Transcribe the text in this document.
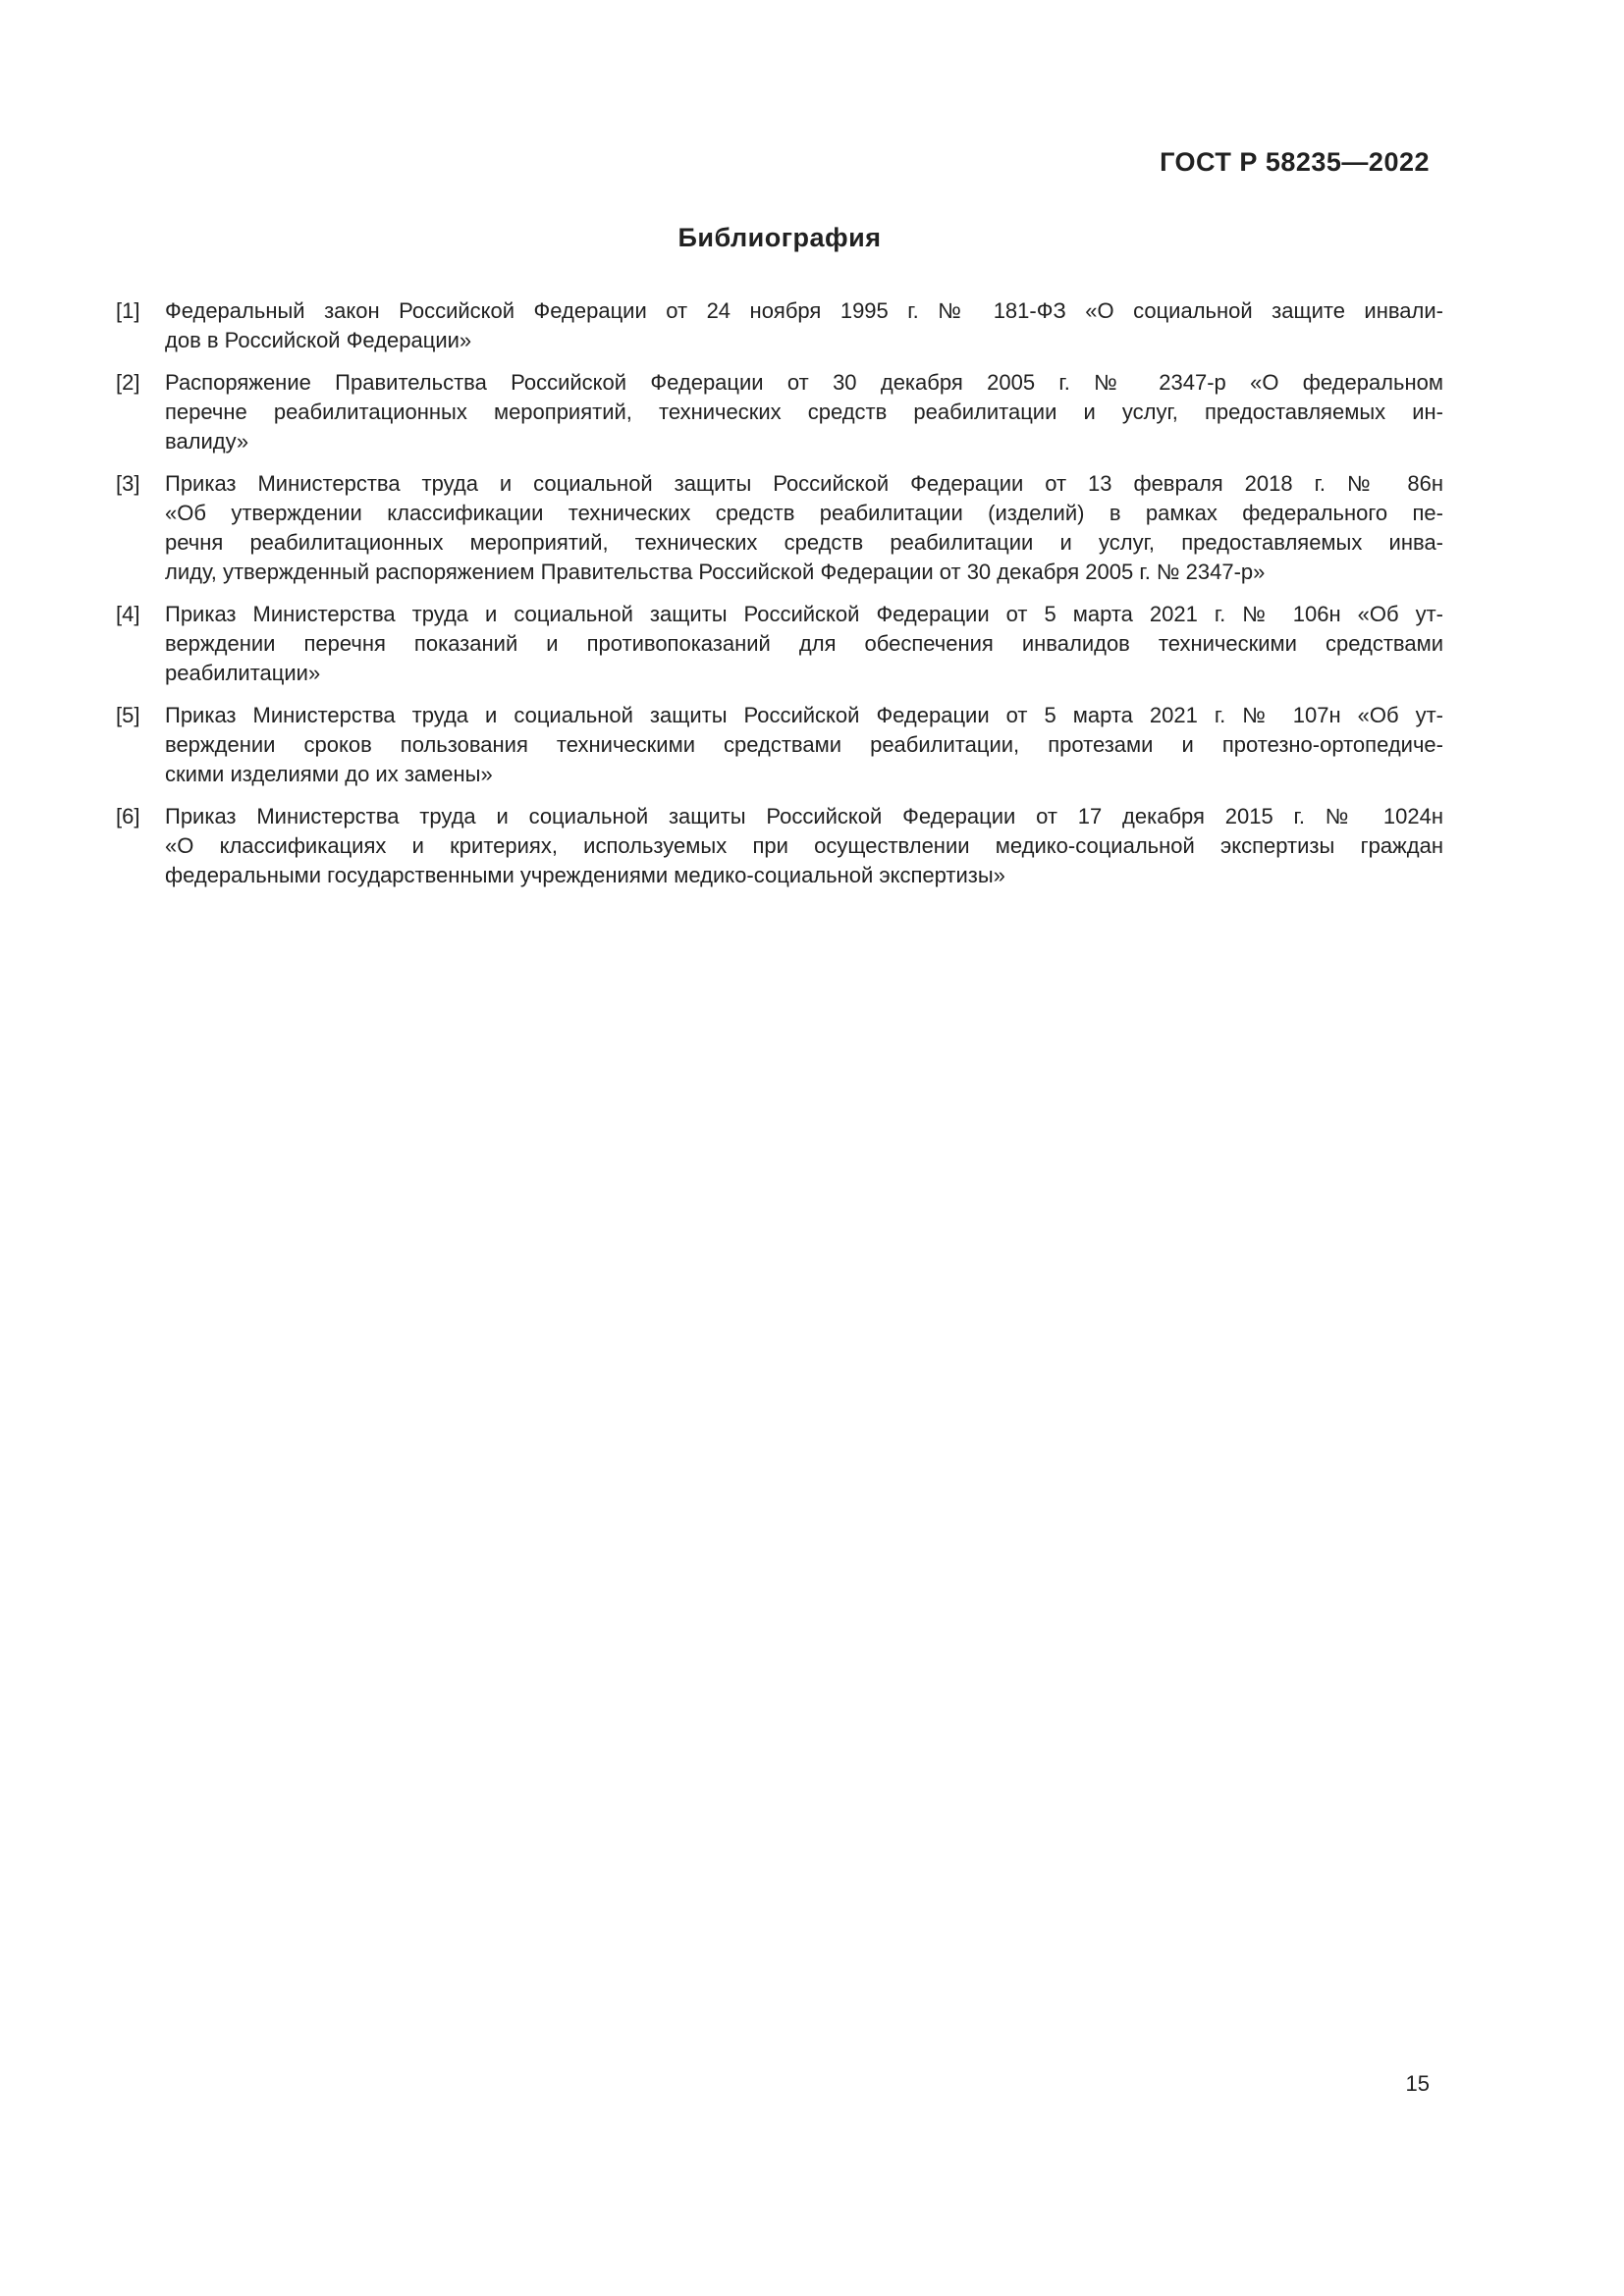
ГОСТ Р 58235—2022
Библиография
[1] Федеральный закон Российской Федерации от 24 ноября 1995 г. № 181-ФЗ «О социальной защите инвали-
дов в Российской Федерации»
[2] Распоряжение Правительства Российской Федерации от 30 декабря 2005 г. № 2347-р «О федеральном
перечне реабилитационных мероприятий, технических средств реабилитации и услуг, предоставляемых ин-
валиду»
[3] Приказ Министерства труда и социальной защиты Российской Федерации от 13 февраля 2018 г. № 86н
«Об утверждении классификации технических средств реабилитации (изделий) в рамках федерального пе-
речня реабилитационных мероприятий, технических средств реабилитации и услуг, предоставляемых инва-
лиду, утвержденный распоряжением Правительства Российской Федерации от 30 декабря 2005 г. № 2347-р»
[4] Приказ Министерства труда и социальной защиты Российской Федерации от 5 марта 2021 г. № 106н «Об ут-
верждении перечня показаний и противопоказаний для обеспечения инвалидов техническими средствами
реабилитации»
[5] Приказ Министерства труда и социальной защиты Российской Федерации от 5 марта 2021 г. № 107н «Об ут-
верждении сроков пользования техническими средствами реабилитации, протезами и протезно-ортопедиче-
скими изделиями до их замены»
[6] Приказ Министерства труда и социальной защиты Российской Федерации от 17 декабря 2015 г. № 1024н
«О классификациях и критериях, используемых при осуществлении медико-социальной экспертизы граждан
федеральными государственными учреждениями медико-социальной экспертизы»
15
